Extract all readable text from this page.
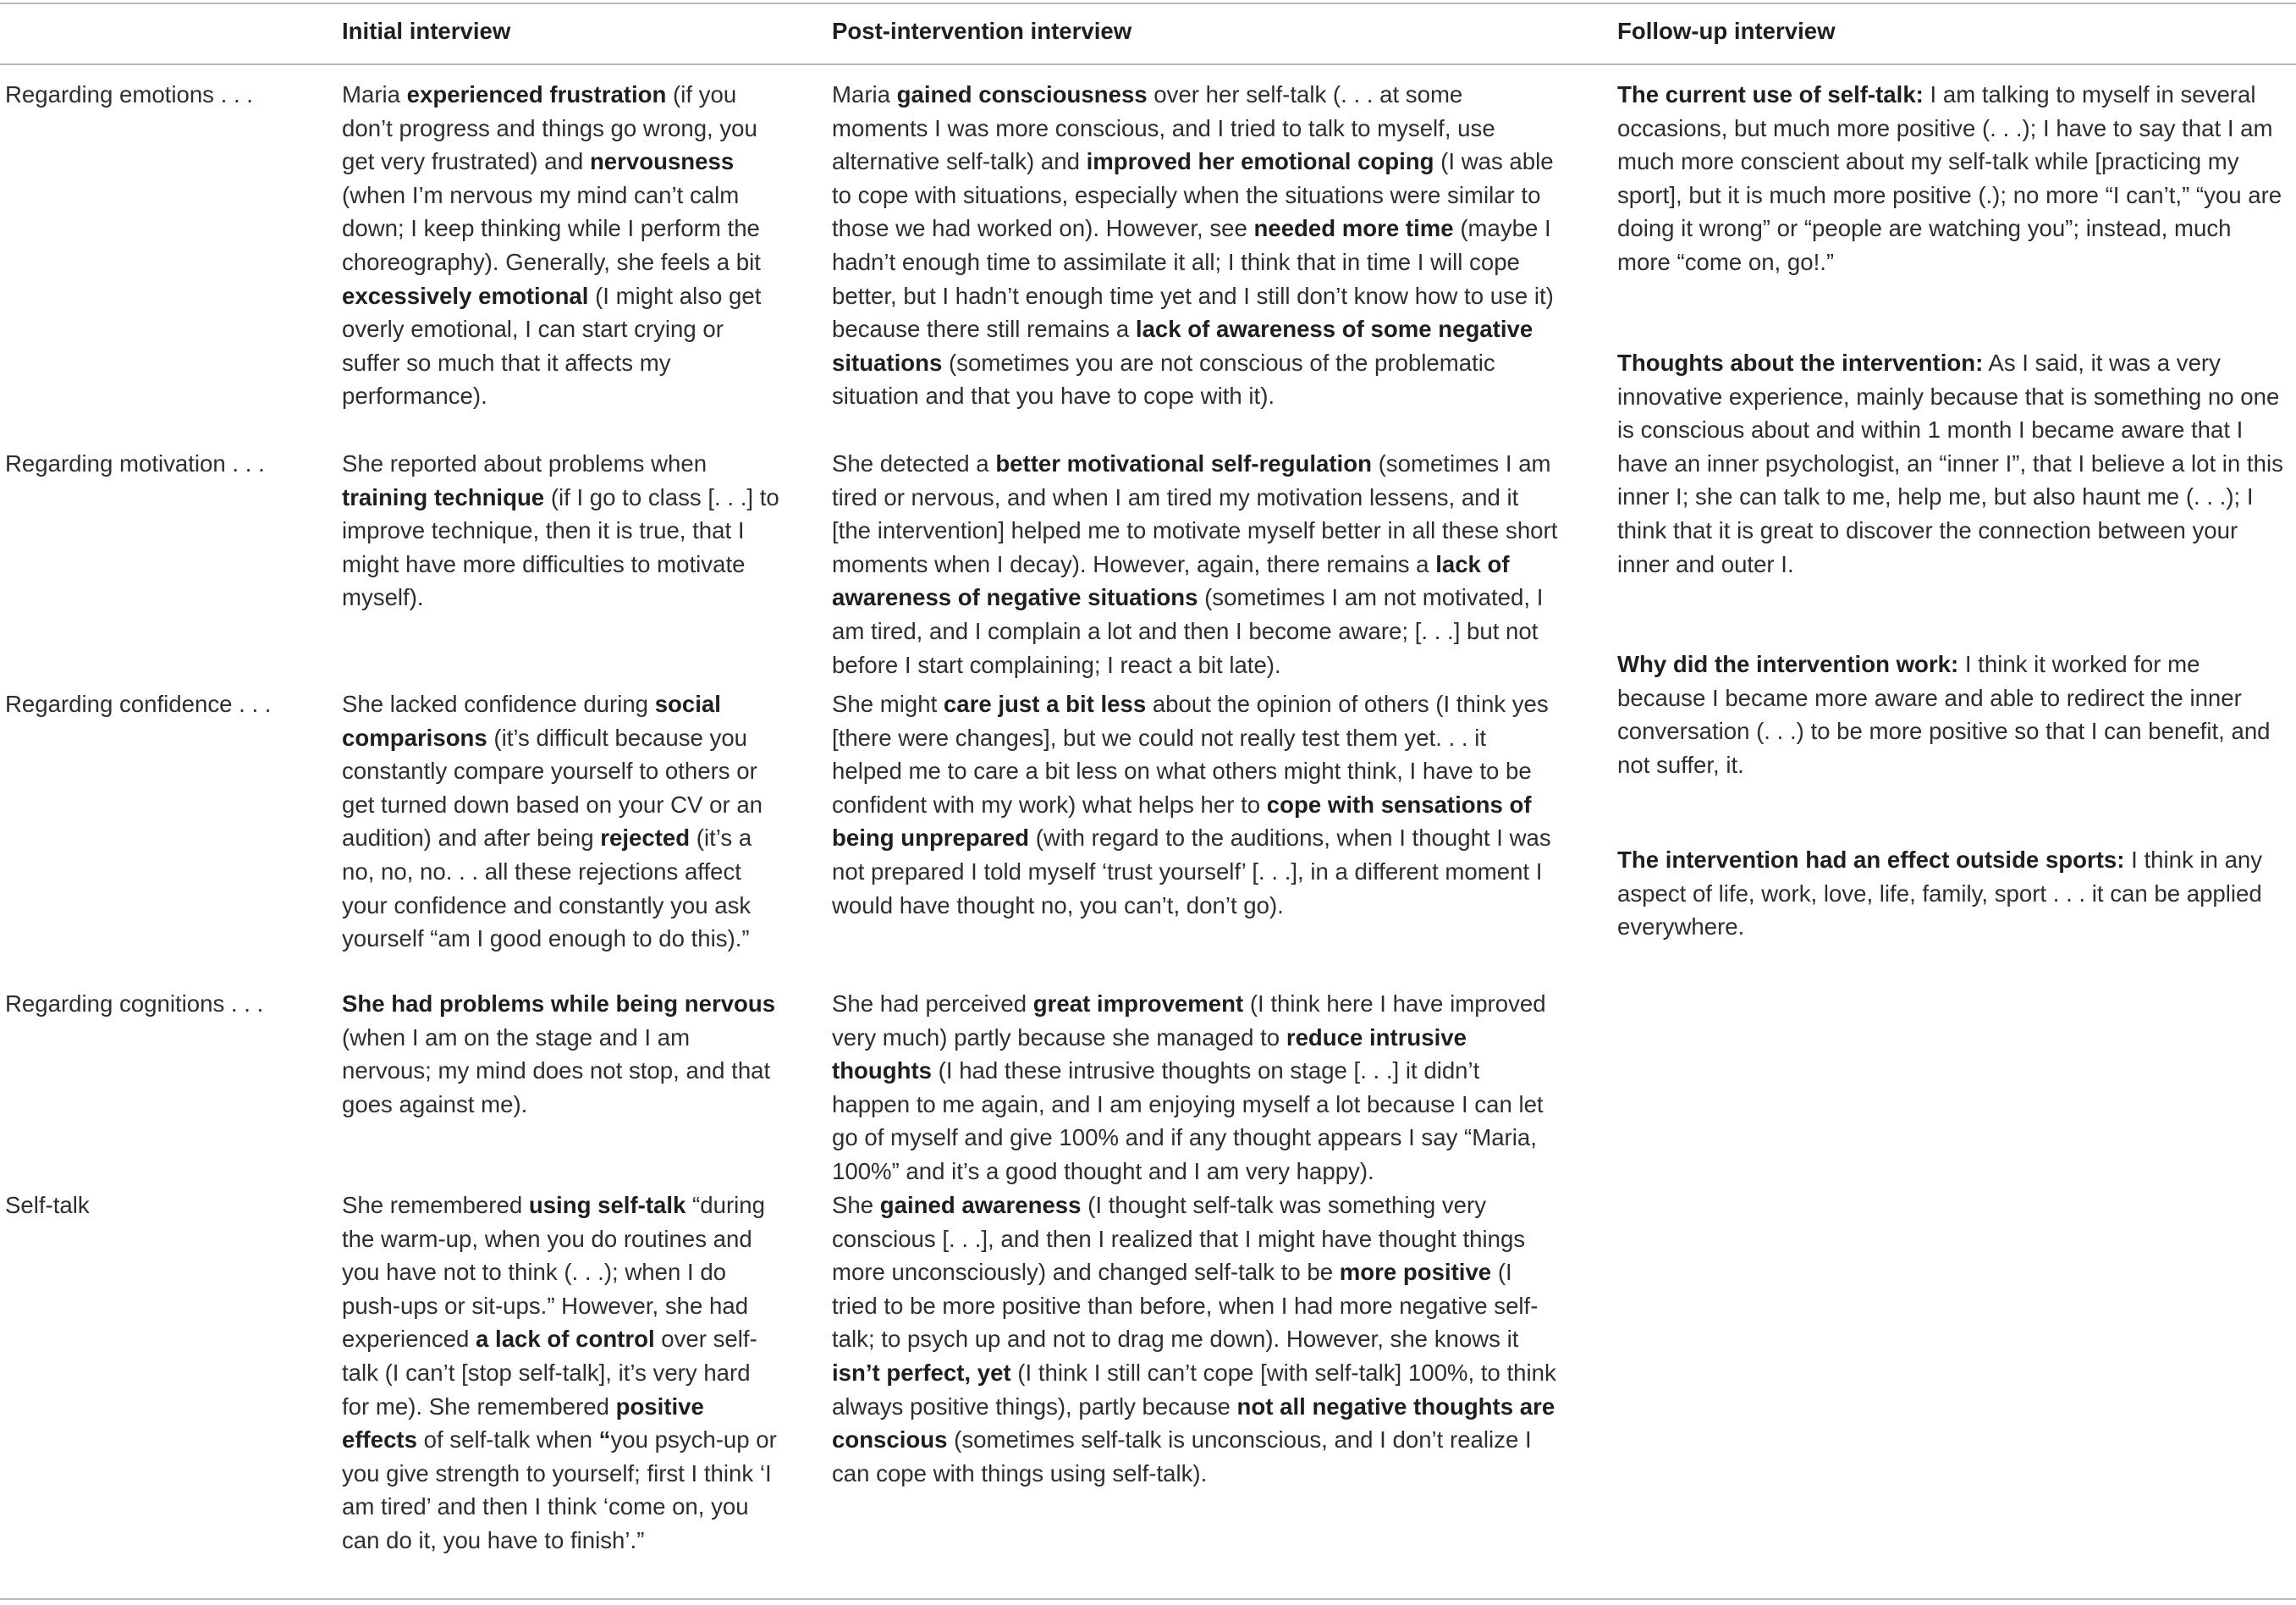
Initial interview	Post-intervention interview	Follow-up interview
Regarding emotions . . .
Regarding motivation . . .
Regarding confidence . . .
Regarding cognitions . . .
Self-talk
Maria experienced frustration (if you don’t progress and things go wrong, you get very frustrated) and nervousness (when I’m nervous my mind can’t calm down; I keep thinking while I perform the choreography). Generally, she feels a bit excessively emotional (I might also get overly emotional, I can start crying or suffer so much that it affects my performance).
She reported about problems when training technique (if I go to class [. . .] to improve technique, then it is true, that I might have more difficulties to motivate myself).
She lacked confidence during social comparisons (it’s difficult because you constantly compare yourself to others or get turned down based on your CV or an audition) and after being rejected (it’s a no, no, no. . . all these rejections affect your confidence and constantly you ask yourself “am I good enough to do this).”
She had problems while being nervous (when I am on the stage and I am nervous; my mind does not stop, and that goes against me).
She remembered using self-talk “during the warm-up, when you do routines and you have not to think (. . .); when I do push-ups or sit-ups.” However, she had experienced a lack of control over self-talk (I can’t [stop self-talk], it’s very hard for me). She remembered positive effects of self-talk when “you psych-up or you give strength to yourself; first I think ‘I am tired’ and then I think ‘come on, you can do it, you have to finish’.”
Maria gained consciousness over her self-talk (. . . at some moments I was more conscious, and I tried to talk to myself, use alternative self-talk) and improved her emotional coping (I was able to cope with situations, especially when the situations were similar to those we had worked on). However, see needed more time (maybe I hadn’t enough time to assimilate it all; I think that in time I will cope better, but I hadn’t enough time yet and I still don’t know how to use it) because there still remains a lack of awareness of some negative situations (sometimes you are not conscious of the problematic situation and that you have to cope with it).
She detected a better motivational self-regulation (sometimes I am tired or nervous, and when I am tired my motivation lessens, and it [the intervention] helped me to motivate myself better in all these short moments when I decay). However, again, there remains a lack of awareness of negative situations (sometimes I am not motivated, I am tired, and I complain a lot and then I become aware; [. . .] but not before I start complaining; I react a bit late).
She might care just a bit less about the opinion of others (I think yes [there were changes], but we could not really test them yet. . . it helped me to care a bit less on what others might think, I have to be confident with my work) what helps her to cope with sensations of being unprepared (with regard to the auditions, when I thought I was not prepared I told myself ‘trust yourself’ [. . .], in a different moment I would have thought no, you can’t, don’t go).
She had perceived great improvement (I think here I have improved very much) partly because she managed to reduce intrusive thoughts (I had these intrusive thoughts on stage [. . .] it didn’t happen to me again, and I am enjoying myself a lot because I can let go of myself and give 100% and if any thought appears I say “Maria, 100%” and it’s a good thought and I am very happy).
She gained awareness (I thought self-talk was something very conscious [. . .], and then I realized that I might have thought things more unconsciously) and changed self-talk to be more positive (I tried to be more positive than before, when I had more negative self-talk; to psych up and not to drag me down). However, she knows it isn’t perfect, yet (I think I still can’t cope [with self-talk] 100%, to think always positive things), partly because not all negative thoughts are conscious (sometimes self-talk is unconscious, and I don’t realize I can cope with things using self-talk).
The current use of self-talk: I am talking to myself in several occasions, but much more positive (. . .); I have to say that I am much more conscient about my self-talk while [practicing my sport], but it is much more positive (.); no more “I can’t,” “you are doing it wrong” or “people are watching you”; instead, much more “come on, go!.”
Thoughts about the intervention: As I said, it was a very innovative experience, mainly because that is something no one is conscious about and within 1 month I became aware that I have an inner psychologist, an “inner I”, that I believe a lot in this inner I; she can talk to me, help me, but also haunt me (. . .); I think that it is great to discover the connection between your inner and outer I.
Why did the intervention work: I think it worked for me because I became more aware and able to redirect the inner conversation (. . .) to be more positive so that I can benefit, and not suffer, it.
The intervention had an effect outside sports: I think in any aspect of life, work, love, life, family, sport . . . it can be applied everywhere.
